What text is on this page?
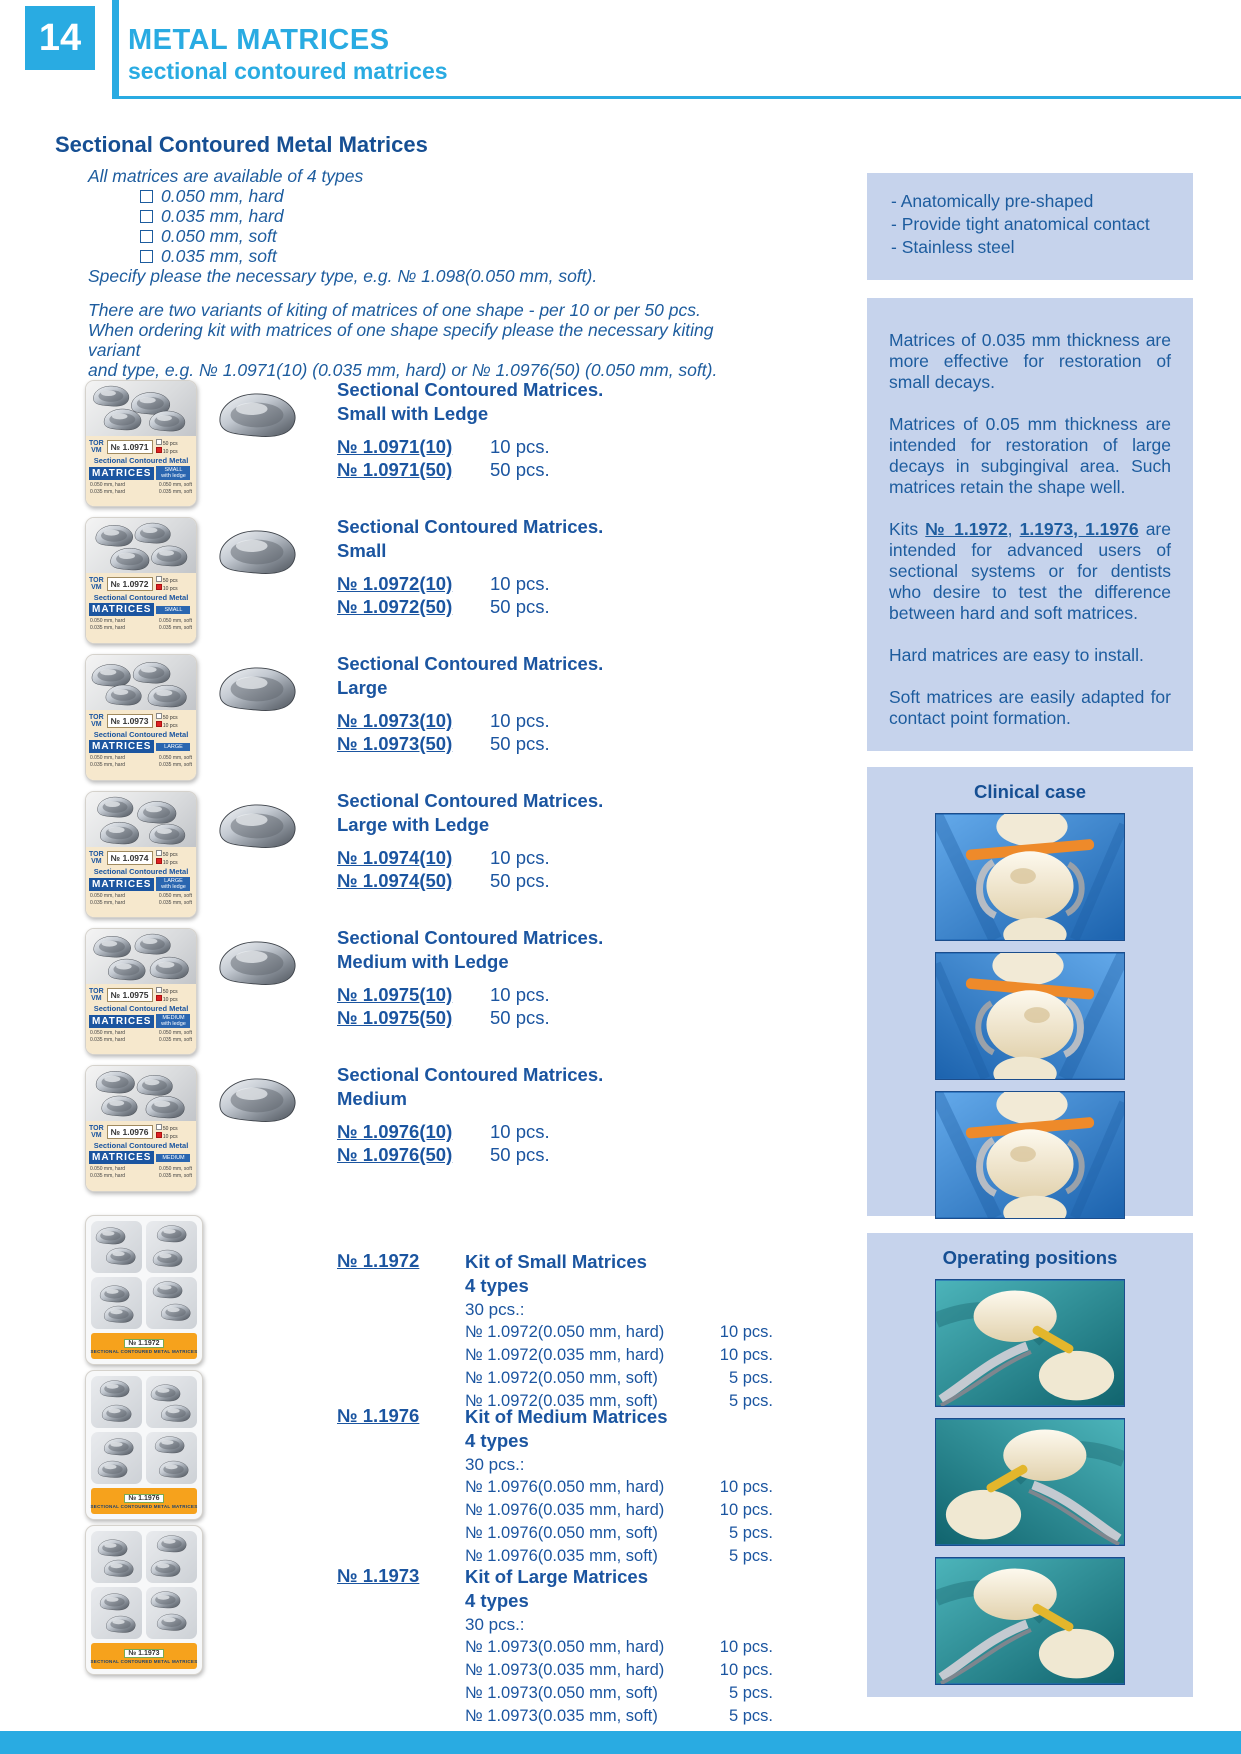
14 METAL MATRICES
sectional contoured matrices
Sectional Contoured Metal Matrices
All matrices are available of 4 types
0.050 mm, hard
0.035 mm, hard
0.050 mm, soft
0.035 mm, soft
Specify please the necessary type, e.g. № 1.098(0.050 mm, soft).
There are two variants of kiting of matrices of one shape - per 10 or per 50 pcs.
When ordering kit with matrices of one shape specify please the necessary kiting variant
and type, e.g. № 1.0971(10) (0.035 mm, hard) or № 1.0976(50) (0.050 mm, soft).
- Anatomically pre-shaped
- Provide tight anatomical contact
- Stainless steel

Matrices of 0.035 mm thickness are more effective for restoration of small decays.

Matrices of 0.05 mm thickness are intended for restoration of large decays in subgingival area. Such matrices retain the shape well.

Kits № 1.1972, 1.1973, 1.1976 are intended for advanced users of sectional systems or for dentists who desire to test the difference between hard and soft matrices.

Hard matrices are easy to install.

Soft matrices are easily adapted for contact point formation.

Clinical case
Operating positions
TOR
VM	№ 1.0971	50 pcs
10 pcs
Sectional Contoured Metal
MATRICES	SMALL
with ledge
0.050 mm, hard
0.035 mm, hard
0.050 mm, soft
0.035 mm, soft
Sectional Contoured Matrices.
Small with Ledge
№ 1.0971(10)	10 pcs.
№ 1.0971(50)	50 pcs.
TOR
VM	№ 1.0972	50 pcs
10 pcs
Sectional Contoured Metal
MATRICES	SMALL

0.050 mm, hard
0.035 mm, hard
0.050 mm, soft
0.035 mm, soft
Sectional Contoured Matrices.
Small
№ 1.0972(10)	10 pcs.
№ 1.0972(50)	50 pcs.
TOR
VM	№ 1.0973	50 pcs
10 pcs
Sectional Contoured Metal
MATRICES	LARGE

0.050 mm, hard
0.035 mm, hard
0.050 mm, soft
0.035 mm, soft
Sectional Contoured Matrices.
Large
№ 1.0973(10)	10 pcs.
№ 1.0973(50)	50 pcs.
TOR
VM	№ 1.0974	50 pcs
10 pcs
Sectional Contoured Metal
MATRICES	LARGE
with ledge
0.050 mm, hard
0.035 mm, hard
0.050 mm, soft
0.035 mm, soft
Sectional Contoured Matrices.
Large with Ledge
№ 1.0974(10)	10 pcs.
№ 1.0974(50)	50 pcs.
TOR
VM	№ 1.0975	50 pcs
10 pcs
Sectional Contoured Metal
MATRICES	MEDIUM
with ledge
0.050 mm, hard
0.035 mm, hard
0.050 mm, soft
0.035 mm, soft
Sectional Contoured Matrices.
Medium with Ledge
№ 1.0975(10)	10 pcs.
№ 1.0975(50)	50 pcs.
TOR
VM	№ 1.0976	50 pcs
10 pcs
Sectional Contoured Metal
MATRICES	MEDIUM

0.050 mm, hard
0.035 mm, hard
0.050 mm, soft
0.035 mm, soft
Sectional Contoured Matrices.
Medium
№ 1.0976(10)	10 pcs.
№ 1.0976(50)	50 pcs.
№ 1.1972
SECTIONAL CONTOURED METAL MATRICES
№ 1.1976
SECTIONAL CONTOURED METAL MATRICES
№ 1.1973
SECTIONAL CONTOURED METAL MATRICES
№ 1.1972 Kit of Small Matrices
4 types
30 pcs.:
№ 1.0972(0.050 mm, hard)	10 pcs.
№ 1.0972(0.035 mm, hard)	10 pcs.
№ 1.0972(0.050 mm, soft)	5 pcs.
№ 1.0972(0.035 mm, soft)	5 pcs.
№ 1.1976 Kit of Medium Matrices
4 types
30 pcs.:
№ 1.0976(0.050 mm, hard)	10 pcs.
№ 1.0976(0.035 mm, hard)	10 pcs.
№ 1.0976(0.050 mm, soft)	5 pcs.
№ 1.0976(0.035 mm, soft)	5 pcs.
№ 1.1973 Kit of Large Matrices
4 types
30 pcs.:
№ 1.0973(0.050 mm, hard)	10 pcs.
№ 1.0973(0.035 mm, hard)	10 pcs.
№ 1.0973(0.050 mm, soft)	5 pcs.
№ 1.0973(0.035 mm, soft)	5 pcs.
